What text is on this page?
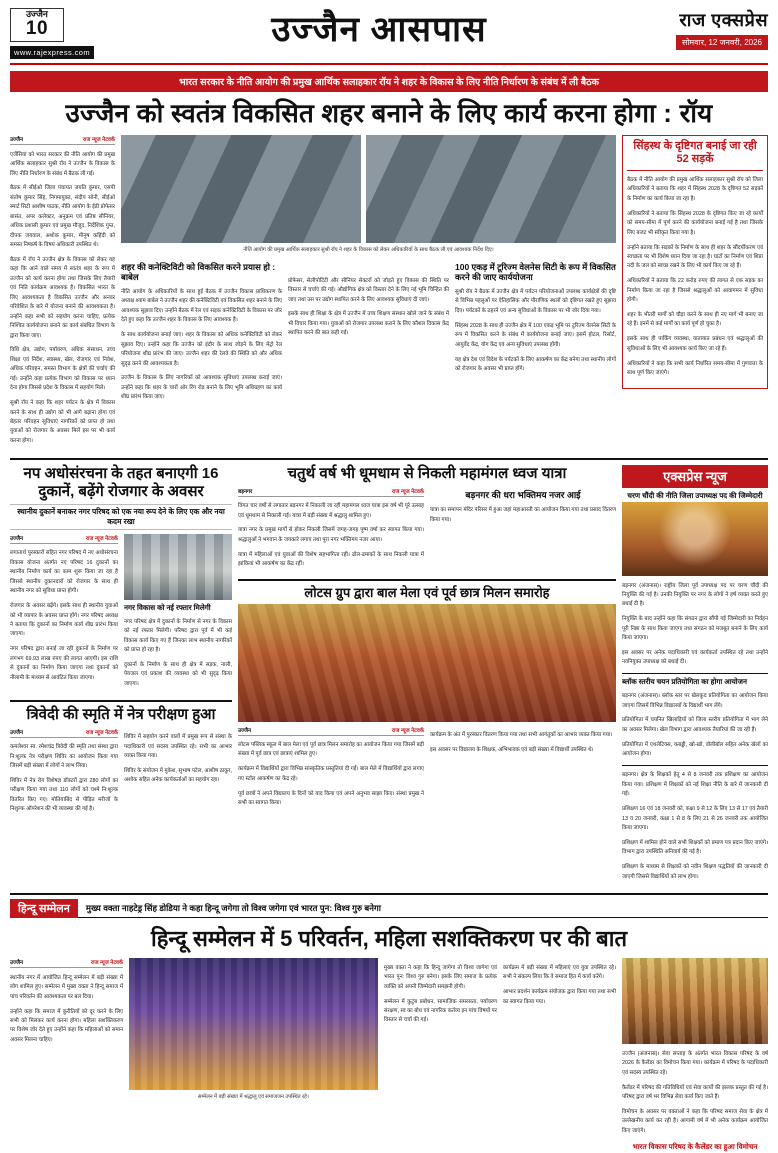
उज्जैन
10
www.rajexpress.com
उज्जैन आसपास	राज एक्सप्रेस
सोमवार, 12 जनवरी, 2026
भारत सरकार के नीति आयोग की प्रमुख आर्थिक सलाहकार रॉय ने शहर के विकास के लिए नीति निर्धारण के संबंध में ली बैठक
उज्जैन को स्वतंत्र विकसित शहर बनाने के लिए कार्य करना होगा : रॉय
उज्जैन	राज न्यूज नेटवर्क

एजेंसियां को भारत सरकार की नीति आयोग की प्रमुख आर्थिक सलाहकार सुश्री रॉय ने उज्जैन के विकास के लिए नीति निर्धारण के संबंध में बैठक ली गई।

बैठक में सीईओ जिला पंचायत जयति कुमार, एसपी संतोष कुमार सिंह, निगमायुक्त, संदीप सोनी, सीईओ स्मार्ट सिटी आशीष पाठक, नीति आयोग के ईडी प्रोफेसर बासंत, अपर कलेक्टर, अनुक्रम एवं प्रतिष्ठ सीनियर, अधिक प्रशासी कुमार एवं प्रमुख मौजूद, निर्देशिक गुप्त, दीपक जयवाल, अशोक कुमार, मीनूष कहिंदी को समस्त निष्कर्ष के विषय अधिकारी उपस्थित थे।

बैठक में रॉय ने उज्जैन क्षेत्र के विकास को लेकर यह कहा कि आने वाले समय में स्वतंत्र शहर के रूप में उज्जैन को कार्य करना होगा तथा जिसके लिए तैयारी एवं निति कार्यक्रम आवश्यक है। विकसित भारत के लिए आवश्यकता है विकसित उज्जैन और अनवर परिवेशित के बारे में योजना बनाने की आवश्यकता है। उन्होंने कहा सभी को सहयोग करना चाहिए, प्रत्येक निश्चित कार्ययोजना बनाने का कार्य संबंधित विभाग के द्वारा किया जाए।

विधि क्षेत्र, उद्योग, पर्यावरण, अधिक संसाधन, उच्च शिक्षा एवं निर्देश, स्वास्थ्य, खेल, रोजगार एवं निवेश, अधिक परिवहन, समस्त विभाग के क्षेत्रों की चर्चाएं की गई। उन्होंने कहा प्रत्येक विभाग को विकास पर ध्यान देना होगा जिससे प्रदेश के विकास में सहयोग मिले।

सुश्री रॉय ने कहा कि शहर पर्यटन के क्षेत्र में विकास करने के साथ ही उद्योग को भी आगे बढ़ाना होगा एवं बेहतर परिवहन सुविधाएं नागरिकों को प्राप्त हो तथा युवाओं को रोजगार के अवसर मिलें इस पर भी कार्य करना होगा।

नीति आयोग की प्रमुख आर्थिक सलाहकार सुश्री रॉय ने शहर के विकास को लेकर अधिकारियों के साथ बैठक ली एवं आवश्यक निर्देश दिए।
शहर की कनेक्टिविटी को विकसित करने प्रयास हो : बाबेल

नीति आयोग के अधिकारियों के साथ हुई बैठक में उज्जैन विकास प्राधिकरण के अध्यक्ष श्याम बाबेल ने उज्जैन शहर की कनेक्टिविटी एवं विकसित शहर बनाने के लिए आवश्यक सुझाव दिए। उन्होंने बैठक में रेल एवं सड़क कनेक्टिविटी के विकास पर जोर देते हुए कहा कि उज्जैन शहर के विकास के लिए आवश्यक है।

के साथ कार्ययोजना बनाई जाए। शहर के विकास को अधिक कनेक्टिविटी को लेकर सुझाव दिए। उन्होंने कहा कि उज्जैन को इंदौर के साथ जोड़ने के लिए मेट्रो रेल परियोजना शीघ्र प्रारंभ की जाए। उज्जैन शहर की रेलवे की स्थिति को और अधिक सुदृढ़ करने की आवश्यकता है।

उज्जैन के विकास के लिए नागरिकों को आवश्यक सुविधाएं उपलब्ध कराई जाएं। उन्होंने कहा कि शहर के चारों ओर रिंग रोड बनाने के लिए भूमि अधिग्रहण का कार्य शीघ्र प्रारंभ किया जाए।

प्रोफेसर, सेलीपोटिंटी और सीनियर सेक्टरों को जोड़ते हुए विकास की स्थिति पर विस्तार से चर्चाएं की गई। औद्योगिक क्षेत्र को विस्तार देने के लिए नई भूमि चिन्हित की जाए तथा उस पर उद्योग स्थापित करने के लिए आवश्यक सुविधाएं दी जाएं।

इसके साथ ही शिक्षा के क्षेत्र में उज्जैन में उच्च शिक्षण संस्थान खोले जाने के संबंध में भी विचार किया गया। युवाओं को रोजगार उपलब्ध कराने के लिए कौशल विकास केंद्र स्थापित करने की बात कही गई।

100 एकड़ में टूरिज्म वेलनेस सिटी के रूप में विकसित करने की जाए कार्ययोजना

सुश्री रॉय ने बैठक में उज्जैन क्षेत्र में पर्यटन परियोजनाओं उपलब्ध कार्यक्षेत्रों की दृष्टि से विभिन्न पहलुओं पर ऐतिहासिक और पौराणिक स्थलों को दृष्टिगत रखते हुए सुझाव दिए। पर्यटकों के ठहरने एवं अन्य सुविधाओं के विकास पर भी जोर दिया गया।

सिंहस्थ 2028 के साथ ही उज्जैन क्षेत्र में 100 एकड़ भूमि पर टूरिज्म वेलनेस सिटी के रूप में विकसित करने के संबंध में कार्ययोजना बनाई जाए। इसमें होटल, रिसोर्ट, आयुर्वेद केंद्र, योग केंद्र एवं अन्य सुविधाएं उपलब्ध होंगी।

यह क्षेत्र देश एवं विदेश के पर्यटकों के लिए आकर्षण का केंद्र बनेगा तथा स्थानीय लोगों को रोजगार के अवसर भी प्राप्त होंगे।

सिंहस्थ के दृष्टिगत बनाई जा रही 52 सड़कें

बैठक में नीति आयोग की प्रमुख आर्थिक सलाहकार सुश्री रॉय को जिला अधिकारियों ने बताया कि शहर में सिंहस्थ 2028 के दृष्टिगत 52 सड़कों के निर्माण का कार्य किया जा रहा है।

अधिकारियों ने बताया कि सिंहस्थ 2028 के दृष्टिगत किए जा रहे कार्यों को समय-सीमा में पूर्ण करने की कार्ययोजना बनाई गई है तथा जिसके लिए बजट भी स्वीकृत किया गया है।

उन्होंने बताया कि सड़कों के निर्माण के साथ ही शहर के सौंदर्यीकरण एवं स्वच्छता पर भी विशेष ध्यान दिया जा रहा है। घाटों का निर्माण एवं शिप्रा नदी के जल को स्वच्छ रखने के लिए भी कार्य किए जा रहे हैं।

अधिकारियों ने बताया कि 22 करोड़ रुपए की लागत से एक सड़क का निर्माण किया जा रहा है जिससे श्रद्धालुओं को आवागमन में सुविधा होगी।

शहर के भीतरी मार्गों को चौड़ा करने के साथ ही नए मार्ग भी बनाए जा रहे हैं। इनमें से कई मार्गों का कार्य पूर्ण हो चुका है।

इसके साथ ही पार्किंग व्यवस्था, यातायात प्रबंधन एवं श्रद्धालुओं की सुविधाओं के लिए भी आवश्यक कार्य किए जा रहे हैं।

अधिकारियों ने कहा कि सभी कार्य निर्धारित समय-सीमा में गुणवत्ता के साथ पूर्ण किए जाएंगे।

नप अधोसंरचना के तहत बनाएगी 16 दुकानें, बढ़ेंगे रोजगार के अवसर
स्थानीय दुकानें बनाकर नगर परिषद को एक नया रूप देने के लिए एक और नया कदम रखा
उज्जैन	राज न्यूज नेटवर्क

लगातार्थ पुरस्कारों सहित नगर परिषद में नए अधोसंरचना विकास योजना अंतर्गत नए परिषद 16 दुकानों का स्थानीय निर्माण कार्य का काम शुरू किया जा रहा है जिससे स्थानीय दुकानदारों को रोजगार के साथ ही स्थानीय नगर को सुविधा प्राप्त होगी।

रोजगार के अवसर बढ़ेंगे। इसके साथ ही स्थानीय युवाओं को भी व्यापार के अवसर प्राप्त होंगे। नगर परिषद अध्यक्ष ने बताया कि दुकानों का निर्माण कार्य शीघ्र प्रारंभ किया जाएगा।

नगर परिषद द्वारा बनाई जा रही दुकानों के निर्माण पर लगभग 69.93 लाख रुपए की लागत आएगी। इस राशि से दुकानों का निर्माण किया जाएगा तथा दुकानों को नीलामी के माध्यम से आवंटित किया जाएगा।

नगर विकास को नई रफ्तार मिलेगी

नगर परिषद क्षेत्र में दुकानों के निर्माण से नगर के विकास को नई रफ्तार मिलेगी। परिषद द्वारा पूर्व में भी कई विकास कार्य किए गए हैं जिनका लाभ स्थानीय नागरिकों को प्राप्त हो रहा है।

दुकानों के निर्माण के साथ ही क्षेत्र में सड़क, नाली, पेयजल एवं प्रकाश की व्यवस्था को भी सुदृढ़ किया जाएगा।

त्रिवेदी की स्मृति में नेत्र परीक्षण हुआ
उज्जैन	राज न्यूज नेटवर्क

कमलेश्वर स्व. रमेशचंद्र त्रिवेदी की स्मृति तथा संस्था द्वारा नि:शुल्क नेत्र परीक्षण शिविर का आयोजन किया गया जिसमें बड़ी संख्या में लोगों ने लाभ लिया।

शिविर में नेत्र रोग विशेषज्ञ डॉक्टरों द्वारा 280 लोगों का परीक्षण किया गया तथा 110 लोगों को चश्मे नि:शुल्क वितरित किए गए। मोतियाबिंद से पीड़ित मरीजों के निशुल्क ऑपरेशन की भी व्यवस्था की गई है।

शिविर में सहयोग करने वालों में प्रमुख रूप से संस्था के पदाधिकारी एवं सदस्य उपस्थित रहे। सभी का आभार व्यक्त किया गया।

शिविर के संयोजन में मुकेश, सुभाष पटेल, आशीष ठाकुर, अशोक सहित अनेक कार्यकर्ताओं का सहयोग रहा।

चतुर्थ वर्ष भी धूमधाम से निकली महामंगल ध्वज यात्रा
बड़नगर	राज न्यूज नेटवर्क

विगत चार वर्षों से लगातार बड़नगर में निकाली जा रही महामंगल ध्वज यात्रा इस वर्ष भी पूरे उत्साह एवं धूमधाम से निकाली गई। यात्रा में बड़ी संख्या में श्रद्धालु शामिल हुए।

यात्रा नगर के प्रमुख मार्गों से होकर निकली जिसमें जगह-जगह पुष्प वर्षा कर स्वागत किया गया। श्रद्धालुओं ने भगवान के जयकारे लगाए तथा पूरा नगर भक्तिमय नजर आया।

यात्रा में महिलाओं एवं युवाओं की विशेष सहभागिता रही। ढोल-ढमाकों के साथ निकली यात्रा में झांकियां भी आकर्षण का केंद्र रहीं।

बड़नगर की धरा भक्तिमय नजर आई

यात्रा का समापन मंदिर परिसर में हुआ जहां महाआरती का आयोजन किया गया तथा प्रसाद वितरण किया गया।

लोटस ग्रुप द्वारा बाल मेला एवं पूर्व छात्र मिलन समारोह
उज्जैन	राज न्यूज नेटवर्क

लोटस पब्लिक स्कूल में बाल मेला एवं पूर्व छात्र मिलन समारोह का आयोजन किया गया जिसमें बड़ी संख्या में पूर्व छात्र एवं छात्राएं शामिल हुए।

कार्यक्रम में विद्यार्थियों द्वारा विभिन्न सांस्कृतिक प्रस्तुतियां दी गईं। बाल मेले में विद्यार्थियों द्वारा लगाए गए स्टॉल आकर्षण का केंद्र रहे।

पूर्व छात्रों ने अपने विद्यालय के दिनों को याद किया एवं अपने अनुभव साझा किए। संस्था प्रमुख ने सभी का स्वागत किया।

कार्यक्रम के अंत में पुरस्कार वितरण किया गया तथा सभी आगंतुकों का आभार व्यक्त किया गया।

इस अवसर पर विद्यालय के शिक्षक, अभिभावक एवं बड़ी संख्या में विद्यार्थी उपस्थित थे।

एक्सप्रेस न्यूज
चरण चौंदी की नीति जिला उपाध्यक्ष पद की जिम्मेदारी

बड़नगर (अंजनास)। राष्ट्रीय जिला पूर्व उपाध्यक्ष पद पर चरण चौंदी की नियुक्ति की गई है। उनकी नियुक्ति पर नगर के लोगों ने हर्ष व्यक्त करते हुए बधाई दी है।

नियुक्ति के बाद उन्होंने कहा कि संगठन द्वारा सौंपी गई जिम्मेदारी का निर्वहन पूरी निष्ठा के साथ किया जाएगा तथा संगठन को मजबूत बनाने के लिए कार्य किया जाएगा।

इस अवसर पर अनेक पदाधिकारी एवं कार्यकर्ता उपस्थित रहे तथा उन्होंने नवनियुक्त उपाध्यक्ष को बधाई दी।

ब्लॉक स्तरीय चयन प्रतियोगिता का होगा आयोजन

बड़नगर (अंजनास)। ब्लॉक स्तर पर खेलकूद प्रतियोगिता का आयोजन किया जाएगा जिसमें विभिन्न विद्यालयों के विद्यार्थी भाग लेंगे।

प्रतियोगिता में चयनित खिलाड़ियों को जिला स्तरीय प्रतियोगिता में भाग लेने का अवसर मिलेगा। खेल विभाग द्वारा आवश्यक तैयारियां की जा रही हैं।

प्रतियोगिता में एथलेटिक्स, कबड्डी, खो-खो, वॉलीबॉल सहित अनेक खेलों का आयोजन होगा।

बड़नगर। क्षेत्र के शिक्षकों हेतु 4 से 8 जनवरी तक प्रशिक्षण का आयोजन किया गया। प्रशिक्षण में शिक्षकों को नई शिक्षा नीति के बारे में जानकारी दी गई।

प्रशिक्षण 16 एवं 18 जनवरी को, कक्षा 9 से 12 के लिए 13 से 17 एवं तैयारी 13 व 20 जनवरी, कक्षा 1 से 8 के लिए 21 से 26 जनवरी तक आयोजित किया जाएगा।

प्रशिक्षण में शामिल होने वाले सभी शिक्षकों को प्रमाण पत्र प्रदान किए जाएंगे। विभाग द्वारा उपस्थिति अनिवार्य की गई है।

प्रशिक्षण के माध्यम से शिक्षकों को नवीन शिक्षण पद्धतियों की जानकारी दी जाएगी जिससे विद्यार्थियों को लाभ होगा।

हिन्दू सम्मेलन	मुख्य वक्ता नाहटे‌ड्र सिंह डोडिया ने कहा हिन्दू जगेगा तो विश्व जगेगा एवं भारत पुन: विश्व गुरु बनेगा
हिन्दू सम्मेलन में 5 परिवर्तन, महिला सशक्तिकरण पर की बात
उज्जैन	राज न्यूज नेटवर्क

स्थानीय नगर में आयोजित हिन्दू सम्मेलन में बड़ी संख्या में लोग शामिल हुए। सम्मेलन में मुख्य वक्ता ने हिन्दू समाज में पांच परिवर्तन की आवश्यकता पर बल दिया।

उन्होंने कहा कि समाज में कुरीतियों को दूर करने के लिए सभी को मिलकर कार्य करना होगा। महिला सशक्तिकरण पर विशेष जोर देते हुए उन्होंने कहा कि महिलाओं को समान अवसर मिलना चाहिए।

सम्मेलन में बड़ी संख्या में श्रद्धालु एवं समाजजन उपस्थित रहे।

मुख्य वक्ता ने कहा कि हिन्दू जागेगा तो विश्व जागेगा एवं भारत पुन: विश्व गुरु बनेगा। इसके लिए समाज के प्रत्येक व्यक्ति को अपनी जिम्मेदारी समझनी होगी।

सम्मेलन में कुटुंब प्रबोधन, सामाजिक समरसता, पर्यावरण संरक्षण, स्व का बोध एवं नागरिक कर्तव्य इन पांच विषयों पर विस्तार से चर्चा की गई।

कार्यक्रम में बड़ी संख्या में महिलाएं एवं युवा उपस्थित रहे। सभी ने संकल्प लिया कि वे समाज हित में कार्य करेंगे।

आभार प्रदर्शन कार्यक्रम संयोजक द्वारा किया गया तथा सभी का स्वागत किया गया।

उज्जैन (अंजनास)। सेवा सप्ताह के अंतर्गत भारत विकास परिषद के वर्ष 2026 के कैलेंडर का विमोचन किया गया। कार्यक्रम में परिषद के पदाधिकारी एवं सदस्य उपस्थित रहे।

कैलेंडर में परिषद की गतिविधियों एवं सेवा कार्यों की झलक प्रस्तुत की गई है। परिषद द्वारा वर्ष भर विभिन्न सेवा कार्य किए जाते हैं।

विमोचन के अवसर पर वक्ताओं ने कहा कि परिषद समाज सेवा के क्षेत्र में उल्लेखनीय कार्य कर रही है। आगामी वर्ष में भी अनेक कार्यक्रम आयोजित किए जाएंगे।

भारत विकास परिषद के कैलेंडर का हुआ विमोचन
